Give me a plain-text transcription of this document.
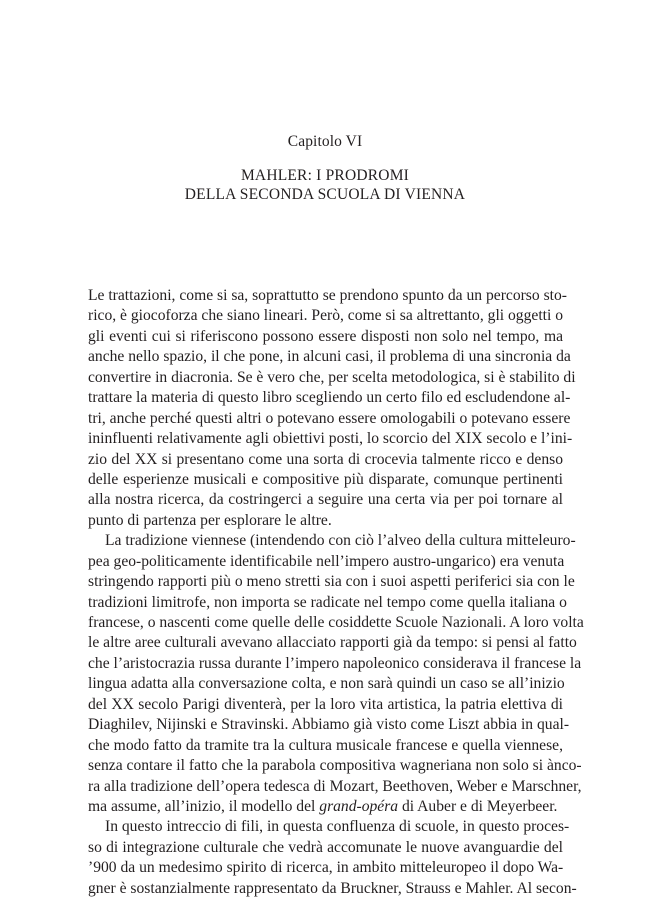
Capitolo VI
MAHLER: I PRODROMI
DELLA SECONDA SCUOLA DI VIENNA
Le trattazioni, come si sa, soprattutto se prendono spunto da un percorso sto-
rico, è giocoforza che siano lineari. Però, come si sa altrettanto, gli oggetti o
gli eventi cui si riferiscono possono essere disposti non solo nel tempo, ma
anche nello spazio, il che pone, in alcuni casi, il problema di una sincronia da
convertire in diacronia. Se è vero che, per scelta metodologica, si è stabilito di
trattare la materia di questo libro scegliendo un certo filo ed escludendone al-
tri, anche perché questi altri o potevano essere omologabili o potevano essere
ininfluenti relativamente agli obiettivi posti, lo scorcio del XIX secolo e l’ini-
zio del XX si presentano come una sorta di crocevia talmente ricco e denso
delle esperienze musicali e compositive più disparate, comunque pertinenti
alla nostra ricerca, da costringerci a seguire una certa via per poi tornare al
punto di partenza per esplorare le altre.
La tradizione viennese (intendendo con ciò l’alveo della cultura mitteleuro-
pea geo-politicamente identificabile nell’impero austro-ungarico) era venuta
stringendo rapporti più o meno stretti sia con i suoi aspetti periferici sia con le
tradizioni limitrofe, non importa se radicate nel tempo come quella italiana o
francese, o nascenti come quelle delle cosiddette Scuole Nazionali. A loro volta
le altre aree culturali avevano allacciato rapporti già da tempo: si pensi al fatto
che l’aristocrazia russa durante l’impero napoleonico considerava il francese la
lingua adatta alla conversazione colta, e non sarà quindi un caso se all’inizio
del XX secolo Parigi diventerà, per la loro vita artistica, la patria elettiva di
Diaghilev, Nijinski e Stravinski. Abbiamo già visto come Liszt abbia in qual-
che modo fatto da tramite tra la cultura musicale francese e quella viennese,
senza contare il fatto che la parabola compositiva wagneriana non solo si ànco-
ra alla tradizione dell’opera tedesca di Mozart, Beethoven, Weber e Marschner,
ma assume, all’inizio, il modello del grand-opéra di Auber e di Meyerbeer.
In questo intreccio di fili, in questa confluenza di scuole, in questo proces-
so di integrazione culturale che vedrà accomunate le nuove avanguardie del
’900 da un medesimo spirito di ricerca, in ambito mitteleuropeo il dopo Wa-
gner è sostanzialmente rappresentato da Bruckner, Strauss e Mahler. Al secon-
